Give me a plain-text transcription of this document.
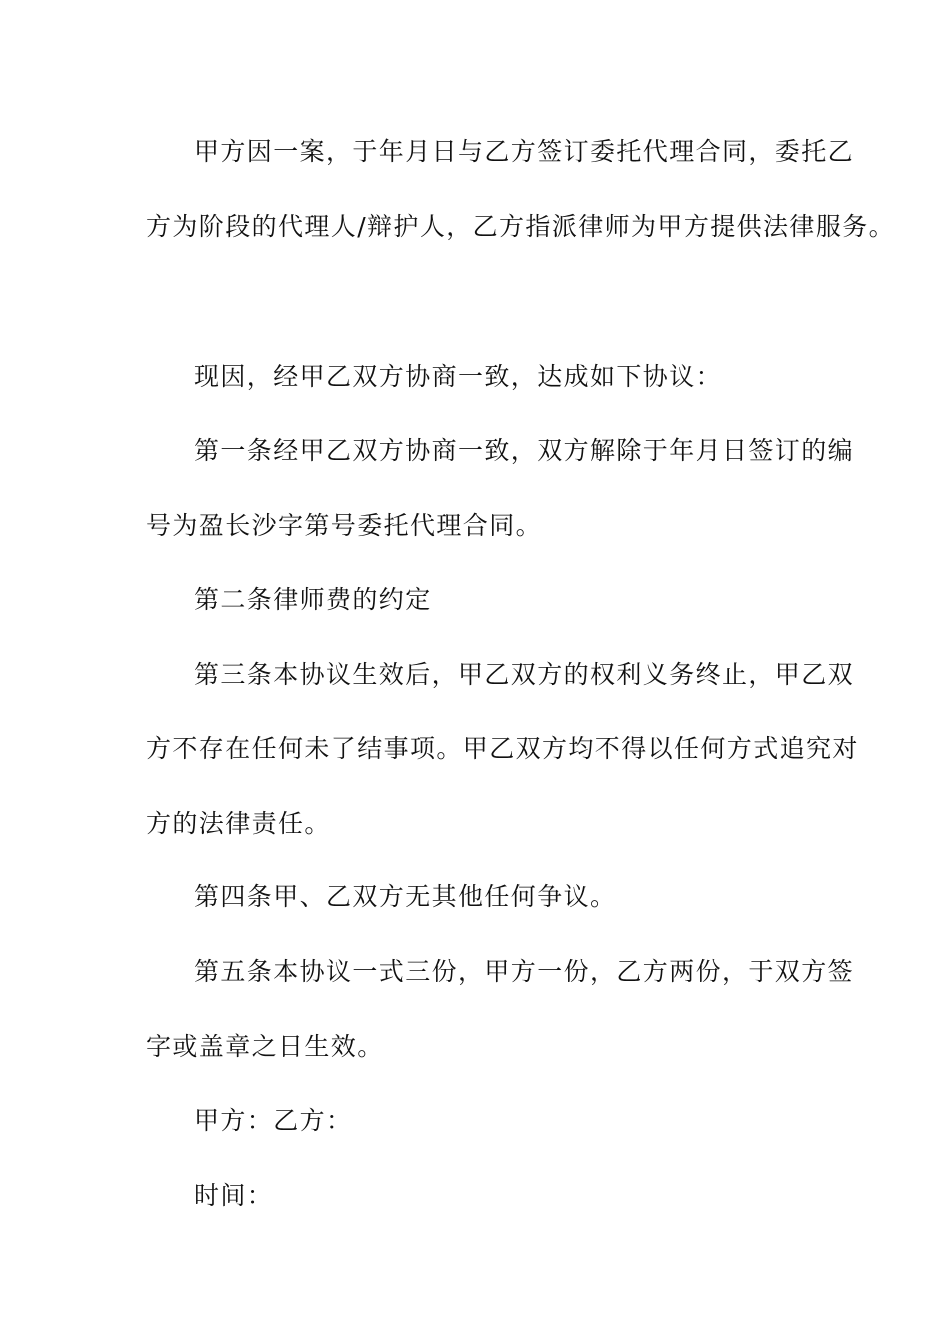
甲方因一案，于年月日与乙方签订委托代理合同，委托乙
方为阶段的代理人/辩护人，乙方指派律师为甲方提供法律服务。
现因，经甲乙双方协商一致，达成如下协议：
第一条经甲乙双方协商一致，双方解除于年月日签订的编
号为盈长沙字第号委托代理合同。
第二条律师费的约定
第三条本协议生效后，甲乙双方的权利义务终止，甲乙双
方不存在任何未了结事项。甲乙双方均不得以任何方式追究对
方的法律责任。
第四条甲、乙双方无其他任何争议。
第五条本协议一式三份，甲方一份，乙方两份，于双方签
字或盖章之日生效。
甲方：乙方：
时间：
